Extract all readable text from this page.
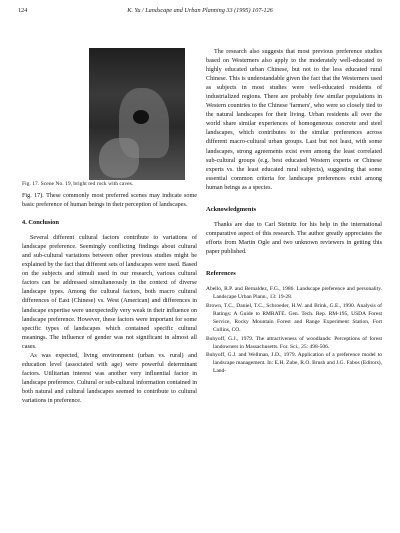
124	K. Yu / Landscape and Urban Planning 33 (1995) 107-126
Fig. 17. Scene No. 19, bright red rock with caves.

Fig. 17). These commonly most preferred scenes may indicate some basic preference of human beings in their perception of landscapes.

4. Conclusion

Several different cultural factors contribute to variations of landscape preference. Seemingly conflicting findings about cultural and sub-cultural variations between other previous studies might be explained by the fact that different sets of landscapes were used. Based on the subjects and stimuli used in our research, various cultural factors can be addressed simultaneously in the context of diverse landscape types. Among the cultural factors, both macro cultural differences of East (Chinese) vs. West (American) and differences in landscape expertise were unexpectedly very weak in their influence on landscape preference. However, these factors were important for some specific types of landscapes which contained specific cultural meanings. The influence of gender was not significant in almost all cases.

As was expected, living environment (urban vs. rural) and education level (associated with age) were powerful determinant factors. Utilitarian interest was another very influential factor in landscape preference. Cultural or sub-cultural information contained in both natural and cultural landscapes seemed to contribute to cultural variations in preference.

The research also suggests that most previous preference studies based on Westerners also apply to the moderately well-educated to highly educated urban Chinese, but not to the less educated rural Chinese. This is understandable given the fact that the Westerners used as subjects in most studies were well-educated residents of industrialized regions. There are probably few similar populations in Western countries to the Chinese 'farmers', who were so closely tied to the natural landscapes for their living. Urban residents all over the world share similar experiences of homogeneous concrete and steel landscapes, which contributes to the similar preferences across different macro-cultural urban groups. Last but not least, with some landscapes, strong agreements exist even among the least correlated sub-cultural groups (e.g. best educated Western experts or Chinese experts vs. the least educated rural subjects), suggesting that some essential common criteria for landscape preferences exist among human beings as a species.

Acknowledgments

Thanks are due to Carl Steinitz for his help in the international comparative aspect of this research. The author greatly appreciates the efforts from Martin Ogle and two unknown reviewers in getting this paper published.

References

Abello, R.P. and Bernaldez, F.G., 1986. Landscape preference and personality. Landscape Urban Plann., 13: 19-28.

Brown, T.C., Daniel, T.C., Schroeder, H.W. and Brink, G.E., 1990. Analysis of Ratings: A Guide to RMRATE. Gen. Tech. Rep. RM-195, USDA Forest Service, Rocky Mountain Forest and Range Experiment Station, Fort Collins, CO.

Buhyoff, G.J., 1979. The attractiveness of woodlands: Perceptions of forest landowners in Massachusetts. For. Sci., 25: 498-506.

Buhyoff, G.J. and Wellman, J.D., 1979. Application of a preference model to landscape management. In: E.H. Zube, R.O. Brush and J.G. Fabos (Editors), Land-
